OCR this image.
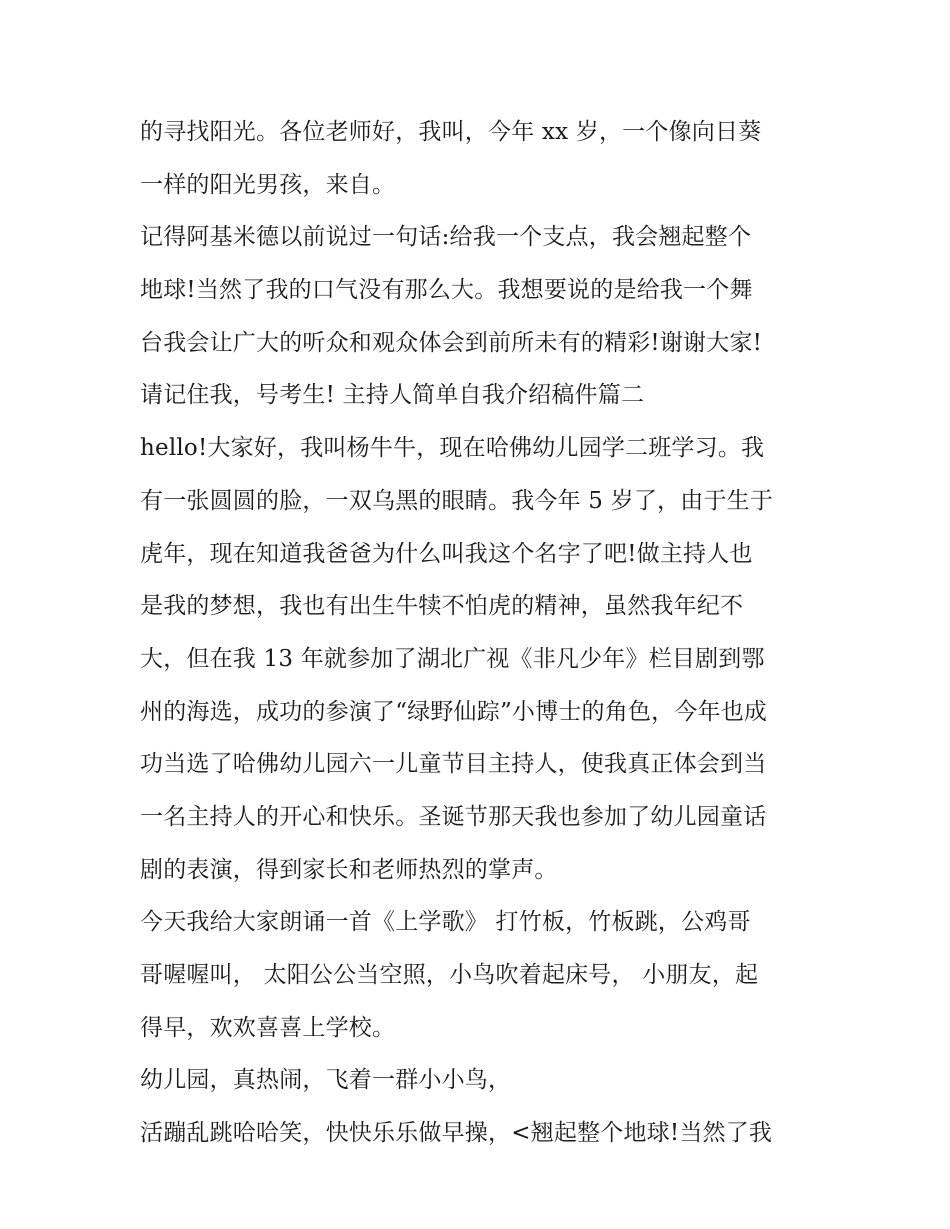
的寻找阳光。各位老师好，我叫，今年 xx 岁，一个像向日葵
一样的阳光男孩，来自。
记得阿基米德以前说过一句话:给我一个支点，我会翘起整个
地球!当然了我的口气没有那么大。我想要说的是给我一个舞
台我会让广大的听众和观众体会到前所未有的精彩!谢谢大家!
请记住我，号考生! 主持人简单自我介绍稿件篇二
hello!大家好，我叫杨牛牛，现在哈佛幼儿园学二班学习。我
有一张圆圆的脸，一双乌黑的眼睛。我今年 5 岁了，由于生于
虎年，现在知道我爸爸为什么叫我这个名字了吧!做主持人也
是我的梦想，我也有出生牛犊不怕虎的精神，虽然我年纪不
大，但在我 13 年就参加了湖北广视《非凡少年》栏目剧到鄂
州的海选，成功的参演了“绿野仙踪”小博士的角色，今年也成
功当选了哈佛幼儿园六一儿童节目主持人，使我真正体会到当
一名主持人的开心和快乐。圣诞节那天我也参加了幼儿园童话
剧的表演，得到家长和老师热烈的掌声。
今天我给大家朗诵一首《上学歌》 打竹板，竹板跳，公鸡哥
哥喔喔叫， 太阳公公当空照，小鸟吹着起床号， 小朋友，起
得早，欢欢喜喜上学校。
幼儿园，真热闹，飞着一群小小鸟，
活蹦乱跳哈哈笑，快快乐乐做早操，<翘起整个地球!当然了我
